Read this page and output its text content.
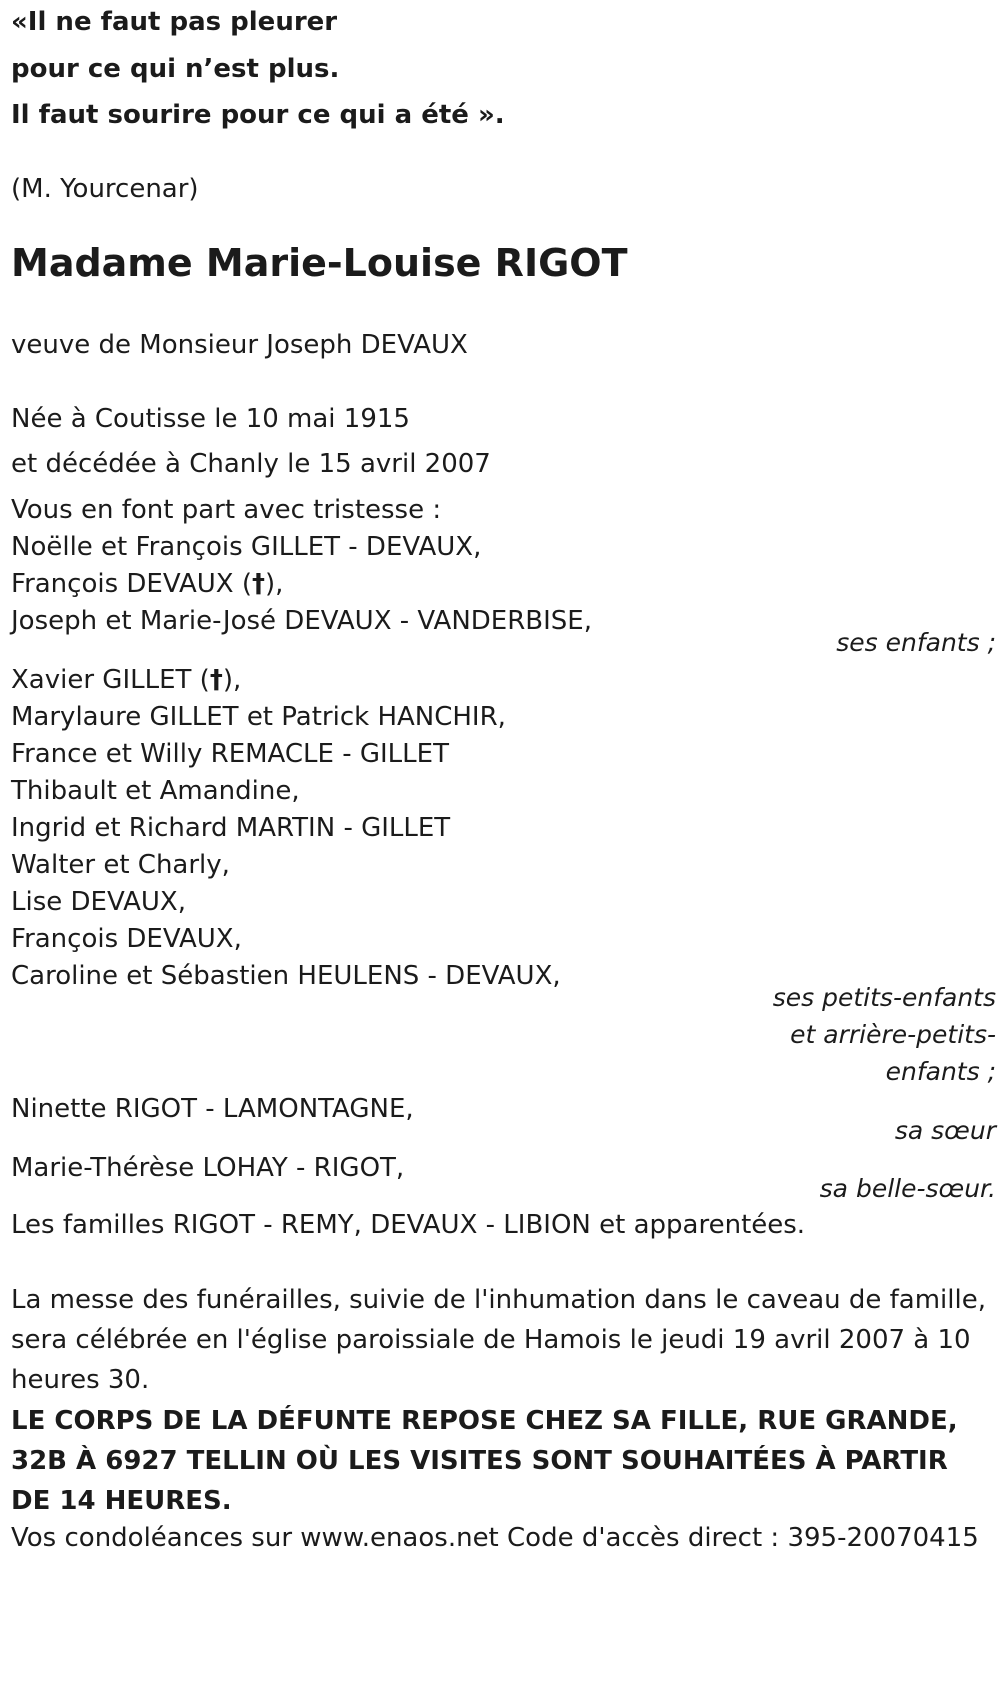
«Il ne faut pas pleurer
pour ce qui n’est plus.
Il faut sourire pour ce qui a été ».
(M. Yourcenar)
Madame Marie-Louise RIGOT
veuve de Monsieur Joseph DEVAUX
Née à Coutisse le 10 mai 1915
et décédée à Chanly le 15 avril 2007
Vous en font part avec tristesse :
Noëlle et François GILLET - DEVAUX,
François DEVAUX (†),
Joseph et Marie-José DEVAUX - VANDERBISE,
ses enfants ;
Xavier GILLET (†),
Marylaure GILLET et Patrick HANCHIR,
France et Willy REMACLE - GILLET
Thibault et Amandine,
Ingrid et Richard MARTIN - GILLET
Walter et Charly,
Lise DEVAUX,
François DEVAUX,
Caroline et Sébastien HEULENS - DEVAUX,
ses petits-enfants
et arrière-petits-
enfants ;
Ninette RIGOT - LAMONTAGNE,
sa sœur
Marie-Thérèse LOHAY - RIGOT,
sa belle-sœur.
Les familles RIGOT - REMY, DEVAUX - LIBION et apparentées.
La messe des funérailles, suivie de l'inhumation dans le caveau de famille, sera célébrée en l'église paroissiale de Hamois le jeudi 19 avril 2007 à 10 heures 30.
LE CORPS DE LA DÉFUNTE REPOSE CHEZ SA FILLE, RUE GRANDE, 32B À 6927 TELLIN OÙ LES VISITES SONT SOUHAITÉES À PARTIR DE 14 HEURES.
Vos condoléances sur www.enaos.net Code d'accès direct : 395-20070415
